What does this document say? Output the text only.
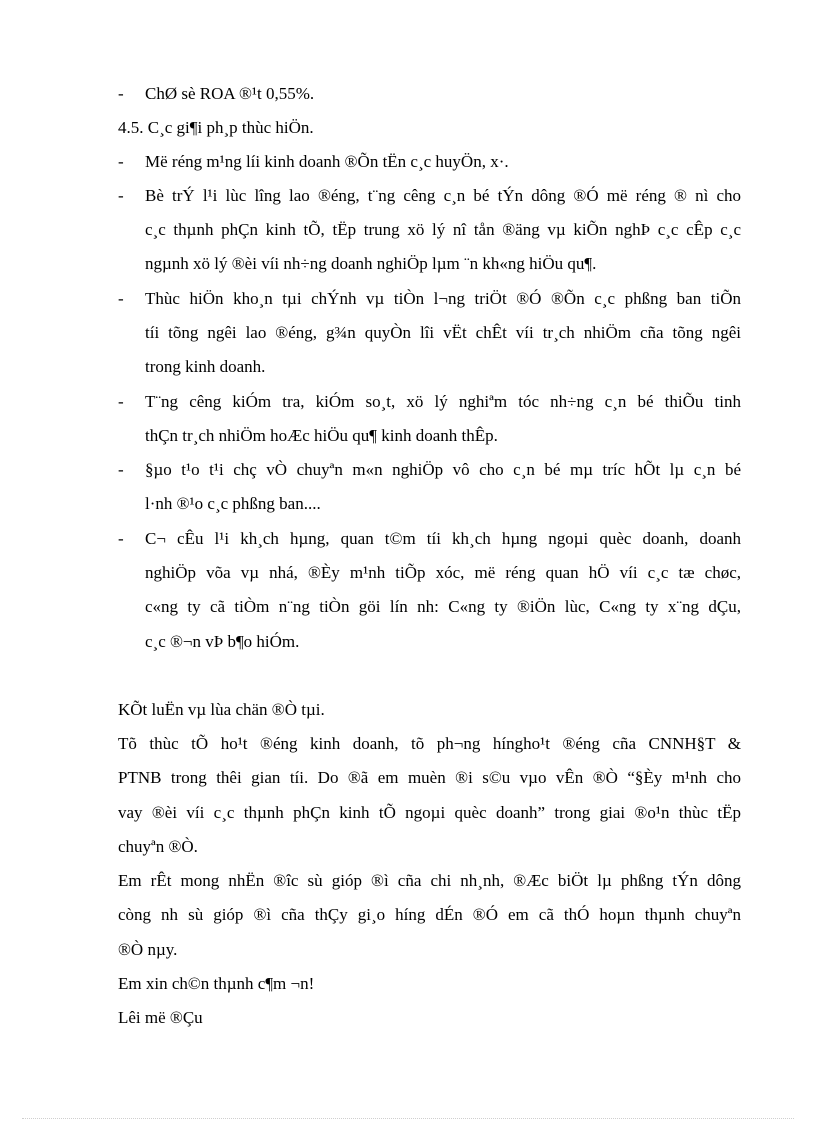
- ChØ sè ROA ®¹t 0,55%.
4.5. C¸c gi¶i ph¸p thùc hiÖn.
- Më réng m¹ng líi kinh doanh ®Õn tËn c¸c huyÖn, x·.
- Bè trÝ l¹i lùc lîng lao ®éng, t¨ng cêng c¸n bé tÝn dông ®Ó më réng ® nì cho
c¸c thµnh phÇn kinh tÕ, tËp trung xö lý nî tån ®äng vµ kiÕn nghÞ c¸c cÊp c¸c
ngµnh xö lý ®èi víi nh÷ng doanh nghiÖp lµm ¨n kh«ng hiÖu qu¶.
- Thùc hiÖn kho¸n tµi chÝnh vµ tiÒn l¬ng triÖt ®Ó ®Õn c¸c phßng ban tiÕn
tíi tõng ngêi lao ®éng, g¾n quyÒn lîi vËt chÊt víi tr¸ch nhiÖm cña tõng ngêi
trong kinh doanh.
- T¨ng cêng kiÓm tra, kiÓm so¸t, xö lý nghiªm tóc nh÷ng c¸n bé thiÕu tinh
thÇn tr¸ch nhiÖm hoÆc hiÖu qu¶ kinh doanh thÊp.
- §µo t¹o t¹i chç vÒ chuyªn m«n nghiÖp vô cho c¸n bé mµ tríc hÕt lµ c¸n bé
l·nh ®¹o c¸c phßng ban....
- C¬ cÊu l¹i kh¸ch hµng, quan t©m tíi kh¸ch hµng ngoµi quèc doanh, doanh
nghiÖp võa vµ nhá, ®Èy m¹nh tiÕp xóc, më réng quan hÖ víi c¸c tæ chøc,
c«ng ty cã tiÒm n¨ng tiÒn göi lín nh: C«ng ty ®iÖn lùc, C«ng ty x¨ng dÇu,
c¸c ®¬n vÞ b¶o hiÓm.
KÕt luËn vµ lùa chän ®Ò tµi.
Tõ thùc tÕ ho¹t ®éng kinh doanh, tõ ph¬ng híngho¹t ®éng cña CNNH§T &
PTNB trong thêi gian tíi. Do ®ã em muèn ®i s©u vµo vÊn ®Ò “§Èy m¹nh cho
vay ®èi víi c¸c thµnh phÇn kinh tÕ ngoµi quèc doanh” trong giai ®o¹n thùc tËp
chuyªn ®Ò.
Em rÊt mong nhËn ®îc sù gióp ®ì cña chi nh¸nh, ®Æc biÖt lµ phßng tÝn dông
còng nh sù gióp ®ì cña thÇy gi¸o híng dÉn ®Ó em cã thÓ hoµn thµnh chuyªn
®Ò nµy.
Em xin ch©n thµnh c¶m ¬n!
Lêi më ®Çu
